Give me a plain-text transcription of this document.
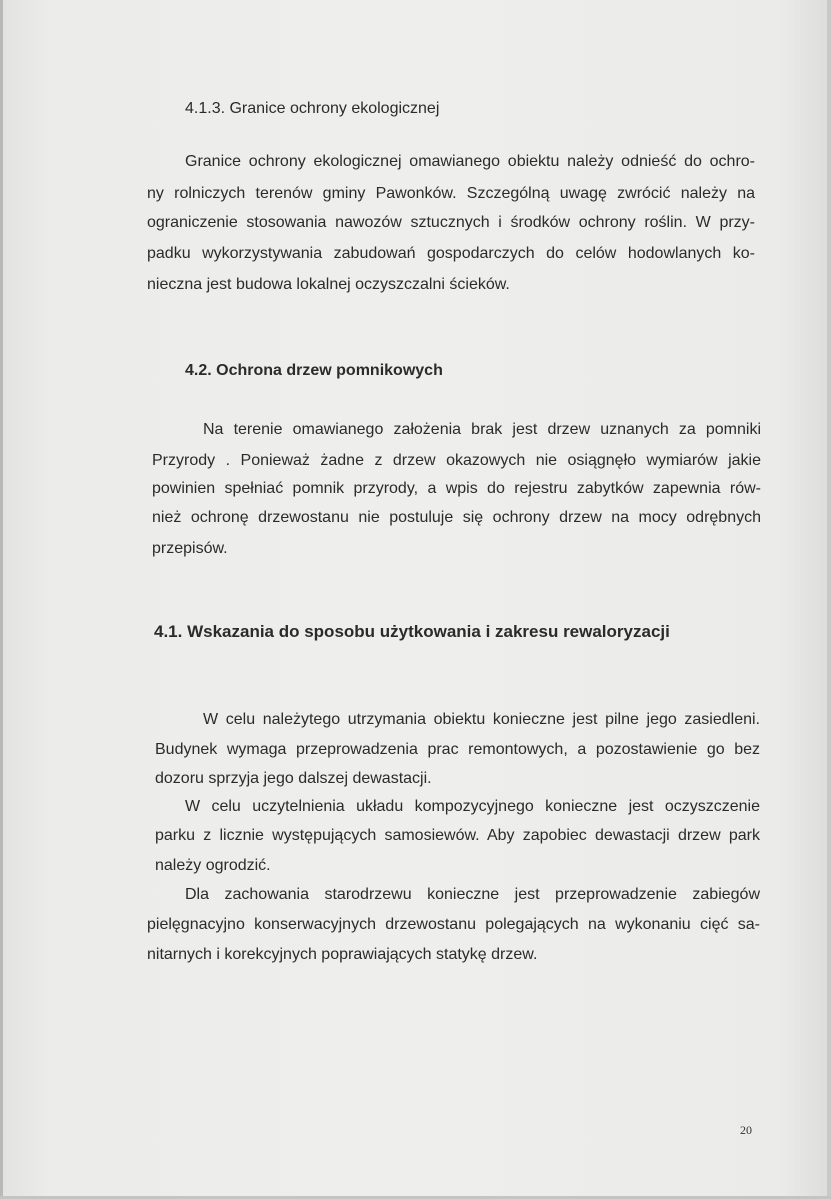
4.1.3. Granice ochrony ekologicznej
Granice ochrony ekologicznej omawianego obiektu należy odnieść do ochro-
ny rolniczych terenów gminy Pawonków. Szczególną uwagę zwrócić należy na
ograniczenie stosowania nawozów sztucznych i środków ochrony roślin. W przy-
padku wykorzystywania zabudowań gospodarczych do celów hodowlanych ko-
nieczna jest budowa lokalnej oczyszczalni ścieków.
4.2. Ochrona drzew pomnikowych
Na terenie omawianego założenia brak jest drzew uznanych za pomniki
Przyrody . Ponieważ żadne z drzew okazowych nie osiągnęło wymiarów jakie
powinien spełniać pomnik przyrody, a wpis do rejestru zabytków zapewnia rów-
nież ochronę drzewostanu nie postuluje się ochrony drzew na mocy odrębnych
przepisów.
4.1. Wskazania do sposobu użytkowania i zakresu rewaloryzacji
W celu należytego utrzymania obiektu konieczne jest pilne jego zasiedleni.
Budynek wymaga przeprowadzenia prac remontowych, a pozostawienie go bez
dozoru sprzyja jego dalszej dewastacji.
W celu uczytelnienia układu kompozycyjnego konieczne jest oczyszczenie
parku z licznie występujących samosiewów. Aby zapobiec dewastacji drzew park
należy ogrodzić.
Dla zachowania starodrzewu konieczne jest przeprowadzenie zabiegów
pielęgnacyjno konserwacyjnych drzewostanu polegających na wykonaniu cięć sa-
nitarnych i korekcyjnych poprawiających statykę drzew.
20
